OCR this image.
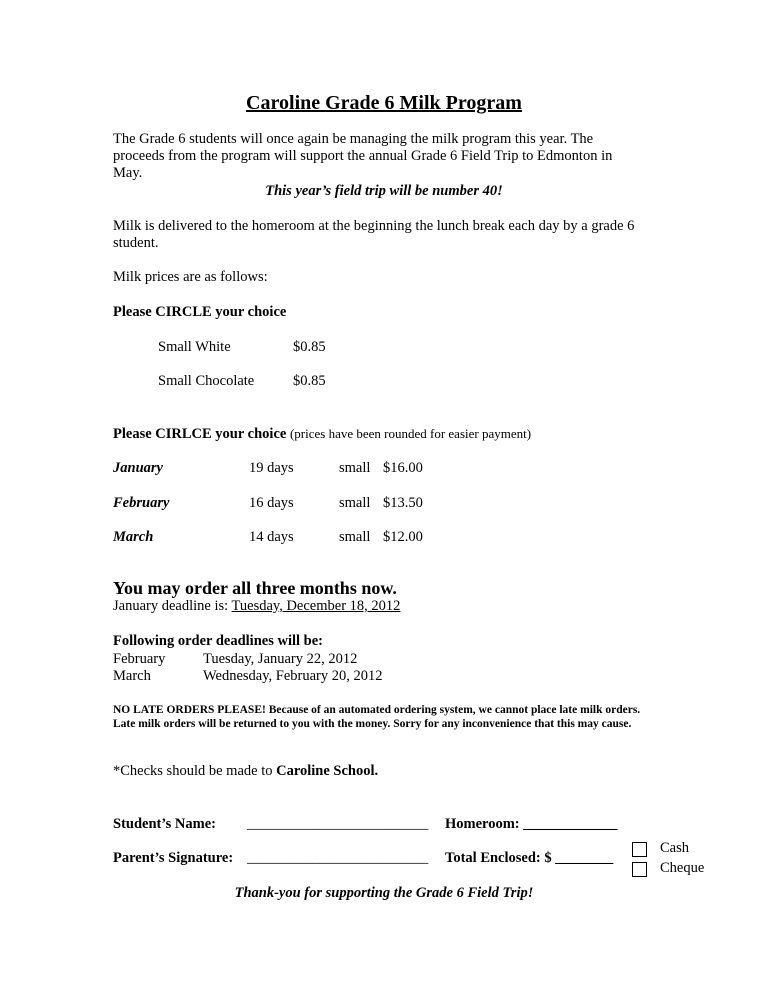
Caroline Grade 6 Milk Program
The Grade 6 students will once again be managing the milk program this year. The proceeds from the program will support the annual Grade 6 Field Trip to Edmonton in May.
This year’s field trip will be number 40!
Milk is delivered to the homeroom at the beginning the lunch break each day by a grade 6 student.
Milk prices are as follows:
Please CIRCLE your choice
Small White	$0.85
Small Chocolate	$0.85
Please CIRLCE your choice (prices have been rounded for easier payment)
January	19 days	small $16.00
February	16 days	small $13.50
March	14 days	small $12.00
You may order all three months now.
January deadline is: Tuesday, December 18, 2012
Following order deadlines will be:
February	Tuesday, January 22, 2012
March	Wednesday, February 20, 2012
NO LATE ORDERS PLEASE! Because of an automated ordering system, we cannot place late milk orders. Late milk orders will be returned to you with the money. Sorry for any inconvenience that this may cause.
*Checks should be made to Caroline School.
Student’s Name: _________________________ Homeroom: _____________
Parent’s Signature: _________________________ Total Enclosed: $ ________
Cash
Cheque
Thank-you for supporting the Grade 6 Field Trip!
